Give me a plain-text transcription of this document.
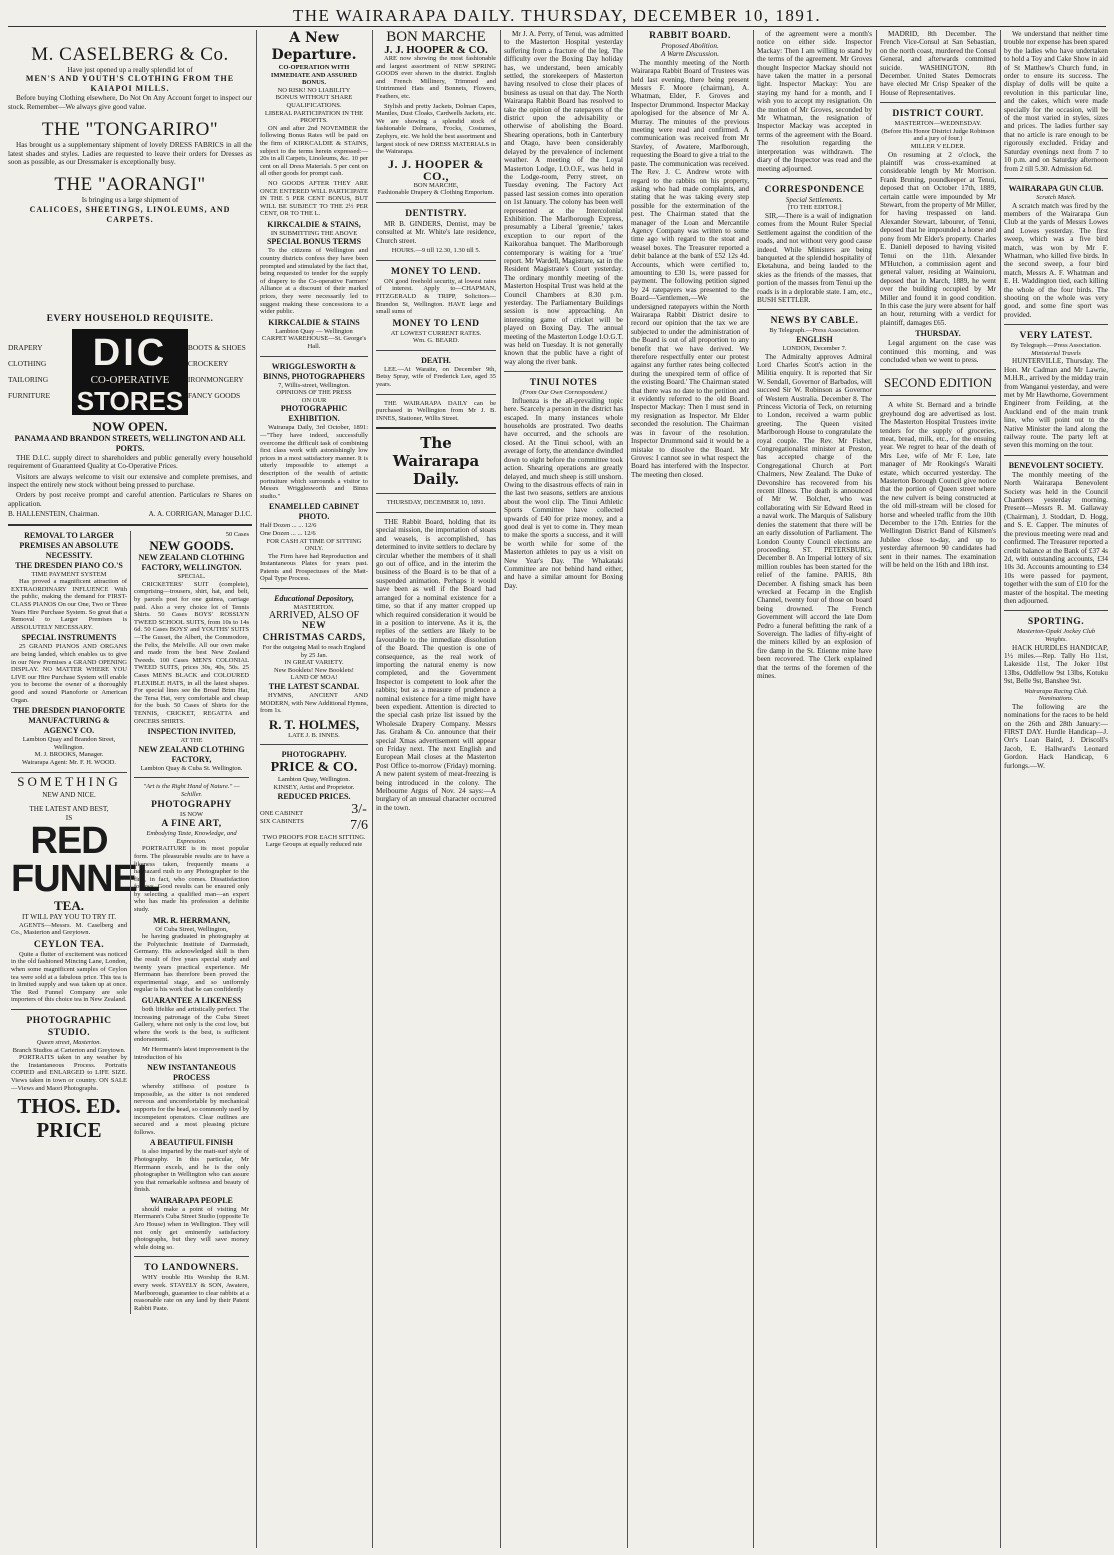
THE WAIRARAPA DAILY. THURSDAY, DECEMBER 10, 1891.
M. CASELBERG & Co.
Have just opened up a really splendid lot of
MEN'S AND YOUTH'S CLOTHING FROM THE KAIAPOI MILLS.

Before buying Clothing elsewhere, Do Not On Any Account forget to inspect our stock. Remember—We always give good value.

THE "TONGARIRO"

Has brought us a supplementary shipment of lovely DRESS FABRICS in all the latest shades and styles. Ladies are requested to leave their orders for Dresses as soon as possible, as our Dressmaker is exceptionally busy.

THE "AORANGI"
Is bringing us a large shipment of
CALICOES, SHEETINGS, LINOLEUMS, AND CARPETS.
EVERY HOUSEHOLD REQUISITE.
DRAPERY
CLOTHING
TAILORING
FURNITURE
DIC
CO-OPERATIVE
STORES
BOOTS & SHOES
CROCKERY
IRONMONGERY
FANCY GOODS
NOW OPEN.
PANAMA AND BRANDON STREETS, WELLINGTON AND ALL PORTS.

THE D.I.C. supply direct to shareholders and public generally every household requirement of Guaranteed Quality at Co-Operative Prices.

Visitors are always welcome to visit our extensive and complete premises, and inspect the entirely new stock without being pressed to purchase.

Orders by post receive prompt and careful attention. Particulars re Shares on application.

B. HALLENSTEIN, Chairman.	A. A. CORRIGAN, Manager D.I.C.
REMOVAL TO LARGER PREMISES AN ABSOLUTE NECESSITY.
THE DRESDEN PIANO CO.'S
TIME PAYMENT SYSTEM

Has proved a magnificent attraction of EXTRAORDINARY INFLUENCE With the public, making the demand for FIRST-CLASS PIANOS On our One, Two or Three Years Hire Purchase System. So great that a Removal to Larger Premises is ABSOLUTELY NECESSARY.

SPECIAL INSTRUMENTS

25 GRAND PIANOS AND ORGANS are being landed, which enables us to give in our New Premises a GRAND OPENING DISPLAY. NO MATTER WHERE YOU LIVE our Hire Purchase System will enable you to become the owner of a thoroughly good and sound Pianoforte or American Organ.

THE DRESDEN PIANOFORTE MANUFACTURING & AGENCY CO.
Lambton Quay and Brandon Street, Wellington.
M. J. BROOKS, Manager.
Wairarapa Agent: Mr. F. H. WOOD.
SOMETHING
NEW AND NICE.
THE LATEST AND BEST,
IS
RED FUNNEL
TEA.
IT WILL PAY YOU TO TRY IT.

AGENTS—Messrs. M. Caselberg and Co., Masterton and Greytown.

CEYLON TEA.

Quite a flutter of excitement was noticed in the old fashioned Mincing Lane, London, when some magnificent samples of Ceylon tea were sold at a fabulous price. This tea is in limited supply and was taken up at once. The Red Funnel Company are sole importers of this choice tea in New Zealand.

PHOTOGRAPHIC STUDIO.
Queen street, Masterton.
Branch Studios at Carterton and Greytown.

PORTRAITS taken in any weather by the Instantaneous Process. Portraits COPIED and ENLARGED to LIFE SIZE. Views taken in town or country. ON SALE—Views and Maori Photographs.

THOS. ED. PRICE
50 Cases
NEW GOODS.
NEW ZEALAND CLOTHING FACTORY, WELLINGTON.
SPECIAL.

CRICKETERS' SUIT (complete), comprising—trousers, shirt, hat, and belt, by parcels post for one guinea, carriage paid. Also a very choice lot of Tennis Shirts. 50 Cases BOYS' ROSSLYN TWEED SCHOOL SUITS, from 10s to 14s 6d. 50 Cases BOYS' and YOUTHS' SUITS—The Gusset, the Albert, the Commodore, the Felix, the Melville. All our own make and made from the best New Zealand Tweeds. 100 Cases MEN'S COLONIAL TWEED SUITS, prices 30s, 40s, 50s. 25 Cases MEN'S BLACK and COLOURED FLEXIBLE HATS, in all the latest shapes. For special lines see the Broad Brim Hat, the Tersa Hat, very comfortable and cheap for the bush. 50 Cases of Shirts for the TENNIS, CRICKET, REGATTA and ONCERS SHIRTS.

INSPECTION INVITED,
AT THE
NEW ZEALAND CLOTHING FACTORY,
Lambton Quay & Cuba St. Wellington.
"Art is the Right Hand of Nature." —Schiller.
PHOTOGRAPHY
IS NOW
A FINE ART,
Embodying Taste, Knowledge, and Expression.

PORTRAITURE is its most popular form. The pleasurable results are to have a likeness taken, frequently means a haphazard rush to any Photographer to the first, in fact, who comes. Dissatisfaction follows. Good results can be ensured only by selecting a qualified man—an expert who has made his profession a definite study.

MR. R. HERRMANN,
Of Cuba Street, Wellington,

he having graduated in photography at the Polytechnic Institute of Darmstadt, Germany. His acknowledged skill is then the result of five years special study and twenty years practical experience. Mr Herrmann has therefore been proved the experimental stage, and so uniformly regular is his work that he can confidently

GUARANTEE A LIKENESS

both lifelike and artistically perfect. The increasing patronage of the Cuba Street Gallery, where not only is the cost low, but where the work is the best, is sufficient endorsement.

Mr Herrmann's latest improvement is the introduction of his

NEW INSTANTANEOUS PROCESS

whereby stiffness of posture is impossible, as the sitter is not rendered nervous and uncomfortable by mechanical supports for the head, so commonly used by incompetent operators. Clear outlines are secured and a most pleasing picture follows.

A BEAUTIFUL FINISH

is also imparted by the matt-surf style of Photography. In this particular, Mr Herrmann excels, and he is the only photographer in Wellington who can assure you that remarkable softness and beauty of finish.

WAIRARAPA PEOPLE

should make a point of visiting Mr Herrmann's Cuba Street Studio (opposite Te Aro House) when in Wellington. They will not only get eminently satisfactory photographs, but they will save money while doing so.

TO LANDOWNERS.

WHY trouble His Worship the R.M. every week. STAYELY & SON, Awatere, Marlborough, guarantee to clear rabbits at a reasonable rate on any land by their Patent Rabbit Paste.

A New Departure.
CO-OPERATION WITH IMMEDIATE AND ASSURED BONUS.
NO RISK! NO LIABILITY
BONUS WITHOUT SHARE QUALIFICATIONS.
LIBERAL PARTICIPATION IN THE PROFITS.

ON and after 2nd NOVEMBER the following Bonus Rates will be paid on the firm of KIRKCALDIE & STAINS, subject to the terms herein expressed:— 20s in all Carpets, Linoleums, &c. 10 per cent on all Dress Materials. 5 per cent on all other goods for prompt cash.

NO GOODS AFTER THEY ARE ONCE ENTERED WILL PARTICIPATE IN THE 5 PER CENT BONUS, BUT WILL BE SUBJECT TO THE 2½ PER CENT, OR TO THE L.

KIRKCALDIE & STAINS,
IN SUBMITTING THE ABOVE
SPECIAL BONUS TERMS

To the citizens of Wellington and country districts confess they have been prompted and stimulated by the fact that, being requested to tender for the supply of drapery to the Co-operative Farmers' Alliance at a discount of their marked prices, they were necessarily led to suggest making these concessions to a wider public.

KIRKCALDIE & STAINS
Lambton Quay — Wellington
CARPET WAREHOUSE—St. George's Hall.
WRIGGLESWORTH & BINNS, PHOTOGRAPHERS
7, Willis-street, Wellington.
OPINIONS OF THE PRESS
ON OUR
PHOTOGRAPHIC EXHIBITION.

Wairarapa Daily, 3rd October, 1891:—"They have indeed, successfully overcome the difficult task of combining first class work with astonishingly low prices in a most satisfactory manner. It is utterly impossible to attempt a description of the wealth of artistic portraiture which surrounds a visitor to Messrs Wrigglesworth and Binns studio."

ENAMELLED CABINET PHOTO.
Half Dozen ... ... 12/6
One Dozen ... ... 12/6
FOR CASH AT TIME OF SITTING ONLY.

The Firm have had Reproduction and Instantaneous Plates for years past. Patents and Prospectuses of the Matt-Opal Type Process.

Educational Depository,
MASTERTON.
ARRIVED, ALSO OF
NEW
CHRISTMAS CARDS,
For the outgoing Mail to reach England by 25 Jan.
IN GREAT VARIETY.
New Booklets! New Booklets!
LAND OF MOA!
THE LATEST SCANDAL

HYMNS, ANCIENT AND MODERN, with New Additional Hymns, from 1s.

R. T. HOLMES,
LATE J. B. INNES.
PHOTOGRAPHY.
PRICE & CO.
Lambton Quay, Wellington.
KINSEY, Artist and Proprietor.
REDUCED PRICES.
ONE CABINET
SIX CABINETS
3/-
7/6
TWO PROOFS FOR EACH SITTING.
Large Groups at equally reduced rate
BON MARCHE
J. J. HOOPER & CO.

ARE now showing the most fashionable and largest assortment of NEW SPRING GOODS ever shown in the district. English and French Millinery, Trimmed and Untrimmed Hats and Bonnets, Flowers, Feathers, etc.

Stylish and pretty Jackets, Dolman Capes, Mantles, Dust Cloaks, Cardwells Jackets, etc. We are showing a splendid stock of fashionable Dolmans, Frocks, Costumes, Zephyrs, etc. We hold the best assortment and largest stock of new DRESS MATERIALS in the Wairarapa.

J. J. HOOPER & CO.,
BON MARCHE,
Fashionable Drapery & Clothing Emporium.
DENTISTRY.

MR B. GINDERS, Dentist, may be consulted at Mr. White's late residence, Church street.

HOURS.—9 till 12.30, 1.30 till 5.
MONEY TO LEND.

ON good freehold security, at lowest rates of interest. Apply to—CHAPMAN, FITZGERALD & TRIPP, Solicitors—Brandon St, Wellington. HAVE large and small sums of

MONEY TO LEND
AT LOWEST CURRENT RATES.
Wm. G. BEARD.
DEATH.

LEE.—At Waraite, on December 9th, Betsy Spray, wife of Frederick Lee, aged 35 years.

THE WAIRARAPA DAILY can be purchased in Wellington from Mr J. B. INNES, Stationer, Willis Street.

The Wairarapa Daily.
THURSDAY, DECEMBER 10, 1891.

THE Rabbit Board, holding that its special mission, the importation of stoats and weasels, is accomplished, has determined to invite settlers to declare by circular whether the members of it shall go out of office, and in the interim the business of the Board is to be that of a suspended animation. Perhaps it would have been as well if the Board had arranged for a nominal existence for a time, so that if any matter cropped up which required consideration it would be in a position to intervene. As it is, the replies of the settlers are likely to be favourable to the immediate dissolution of the Board. The question is one of consequence, as the real work of importing the natural enemy is now completed, and the Government Inspector is competent to look after the rabbits; but as a measure of prudence a nominal existence for a time might have been expedient. Attention is directed to the special cash prize list issued by the Wholesale Drapery Company. Messrs Jas. Graham & Co. announce that their special Xmas advertisement will appear on Friday next. The next English and European Mail closes at the Masterton Post Office to-morrow (Friday) morning. A new patent system of meat-freezing is being introduced in the colony. The Melbourne Argus of Nov. 24 says:—A burglary of an unusual character occurred in the town.

Mr J. A. Perry, of Tenui, was admitted to the Masterton Hospital yesterday suffering from a fracture of the leg. The difficulty over the Boxing Day holiday has, we understand, been amicably settled, the storekeepers of Masterton having resolved to close their places of business as usual on that day. The North Wairarapa Rabbit Board has resolved to take the opinion of the ratepayers of the district upon the advisability or otherwise of abolishing the Board. Shearing operations, both in Canterbury and Otago, have been considerably delayed by the prevalence of inclement weather. A meeting of the Loyal Masterton Lodge, I.O.O.F., was held in the Lodge-room, Perry street, on Tuesday evening. The Factory Act passed last session comes into operation on 1st January. The colony has been well represented at the Intercolonial Exhibition. The Marlborough Express, presumably a Liberal 'greenie,' takes exception to our report of the Kaikorahua banquet. The Marlborough contemporary is waiting for a 'true' report. Mr Wardell, Magistrate, sat in the Resident Magistrate's Court yesterday. The ordinary monthly meeting of the Masterton Hospital Trust was held at the Council Chambers at 8.30 p.m. yesterday. The Parliamentary Buildings session is now approaching. An interesting game of cricket will be played on Boxing Day. The annual meeting of the Masterton Lodge I.O.G.T. was held on Tuesday. It is not generally known that the public have a right of way along the river bank.

TINUI NOTES
(From Our Own Correspondent.)

Influenza is the all-prevailing topic here. Scarcely a person in the district has escaped. In many instances whole households are prostrated. Two deaths have occurred, and the schools are closed. At the Tinui school, with an average of forty, the attendance dwindled down to eight before the committee took action. Shearing operations are greatly delayed, and much sheep is still unshorn. Owing to the disastrous effects of rain in the last two seasons, settlers are anxious about the wool clip. The Tinui Athletic Sports Committee have collected upwards of £40 for prize money, and a good deal is yet to come in. They mean to make the sports a success, and it will be worth while for some of the Masterton athletes to pay us a visit on New Year's Day. The Whakataki Committee are not behind hand either, and have a similar amount for Boxing Day.

RABBIT BOARD.
Proposed Abolition.
A Warm Discussion.

The monthly meeting of the North Wairarapa Rabbit Board of Trustees was held last evening, there being present Messrs F. Moore (chairman), A. Whatman, Elder, F. Groves and Inspector Drummond. Inspector Mackay apologised for the absence of Mr A. Murray. The minutes of the previous meeting were read and confirmed. A communication was received from Mr Stavley, of Awatere, Marlborough, requesting the Board to give a trial to the paste. The communication was received. The Rev. J. C. Andrew wrote with regard to the rabbits on his property, asking who had made complaints, and stating that he was taking every step possible for the extermination of the pest. The Chairman stated that the manager of the Loan and Mercantile Agency Company was written to some time ago with regard to the stoat and weasel boxes. The Treasurer reported a debit balance at the bank of £52 12s 4d. Accounts, which were certified to, amounting to £30 1s, were passed for payment. The following petition signed by 24 ratepayers was presented to the Board—'Gentlemen,—We the undersigned ratepayers within the North Wairarapa Rabbit District desire to record our opinion that the tax we are subjected to under the administration of the Board is out of all proportion to any benefit that we have derived. We therefore respectfully enter our protest against any further rates being collected during the unexpired term of office of the existing Board.' The Chairman stated that there was no date to the petition and it evidently referred to the old Board. Inspector Mackay: Then I must send in my resignation as Inspector. Mr Elder seconded the resolution. The Chairman was in favour of the resolution. Inspector Drummond said it would be a mistake to dissolve the Board. Mr Groves: I cannot see in what respect the Board has interfered with the Inspector. The meeting then closed.

of the agreement were a month's notice on either side. Inspector Mackay: Then I am willing to stand by the terms of the agreement. Mr Groves thought Inspector Mackay should not have taken the matter in a personal light. Inspector Mackay: You are staying my hand for a month, and I wish you to accept my resignation. On the motion of Mr Groves, seconded by Mr Whatman, the resignation of Inspector Mackay was accepted in terms of the agreement with the Board. The resolution regarding the interpretation was withdrawn. The diary of the Inspector was read and the meeting adjourned.

CORRESPONDENCE
Special Settlements.
[TO THE EDITOR.]

SIR,—There is a wail of indignation comes from the Mount Ruler Special Settlement against the condition of the roads, and not without very good cause indeed. While Ministers are being banqueted at the splendid hospitality of Eketahuna, and being lauded to the skies as the friends of the masses, that portion of the masses from Tenui up the roads is in a deplorable state. I am, etc., BUSH SETTLER.

NEWS BY CABLE.
By Telegraph.—Press Association.
ENGLISH
LONDON, December 7.

The Admiralty approves Admiral Lord Charles Scott's action in the Militia enquiry. It is reported that Sir W. Sendall, Governor of Barbados, will succeed Sir W. Robinson as Governor of Western Australia. December 8. The Princess Victoria of Teck, on returning to London, received a warm public greeting. The Queen visited Marlborough House to congratulate the royal couple. The Rev. Mr Fisher, Congregationalist minister at Preston, has accepted charge of the Congregational Church at Port Chalmers, New Zealand. The Duke of Devonshire has recovered from his recent illness. The death is announced of Mr W. Bolcher, who was collaborating with Sir Edward Reed in a naval work. The Marquis of Salisbury denies the statement that there will be an early dissolution of Parliament. The London County Council elections are proceeding. ST. PETERSBURG, December 8. An Imperial lottery of six million roubles has been started for the relief of the famine. PARIS, 8th December. A fishing smack has been wrecked at Fecamp in the English Channel, twenty four of those on board being drowned. The French Government will accord the late Dom Pedro a funeral befitting the rank of a Sovereign. The ladies of fifty-eight of the miners killed by an explosion of fire damp in the St. Etienne mine have been recovered. The Clerk explained that the terms of the foremen of the mines.

MADRID, 8th December. The French Vice-Consul at San Sebastian, on the north coast, murdered the Consul General, and afterwards committed suicide. WASHINGTON, 8th December. United States Democrats have elected Mr Crisp Speaker of the House of Representatives.

DISTRICT COURT.
MASTERTON—WEDNESDAY.
(Before His Honor District Judge Robinson and a jury of four.)
MILLER V ELDER.

On resuming at 2 o'clock, the plaintiff was cross-examined at considerable length by Mr Morrison. Frank Bruning, poundkeeper at Tenui, deposed that on October 17th, 1889, certain cattle were impounded by Mr Stewart, from the property of Mr Miller, for having trespassed on land. Alexander Stewart, labourer, of Tenui, deposed that he impounded a horse and pony from Mr Elder's property. Charles E. Daniell deposed to having visited Tenui on the 11th. Alexander M'Hutchon, a commission agent and general valuer, residing at Wainuioru, deposed that in March, 1889, he went over the building occupied by Mr Miller and found it in good condition. In this case the jury were absent for half an hour, returning with a verdict for plaintiff, damages £65.

THURSDAY.

Legal argument on the case was continued this morning, and was concluded when we went to press.

SECOND EDITION

A white St. Bernard and a brindle greyhound dog are advertised as lost. The Masterton Hospital Trustees invite tenders for the supply of groceries, meat, bread, milk, etc., for the ensuing year. We regret to hear of the death of Mrs Lee, wife of Mr F. Lee, late manager of Mr Rookings's Waraiti estate, which occurred yesterday. The Masterton Borough Council give notice that the portion of Queen street where the new culvert is being constructed at the old mill-stream will be closed for horse and wheeled traffic from the 10th December to the 17th. Entries for the Wellington District Band of Kilsmen's Jubilee close to-day, and up to yesterday afternoon 90 candidates had sent in their names. The examination will be held on the 16th and 18th inst.

We understand that neither time trouble nor expense has been spared by the ladies who have undertaken to hold a Toy and Cake Show in aid of St Matthew's Church fund, in order to ensure its success. The display of dolls will be quite a revolution in this particular line, and the cakes, which were made specially for the occasion, will be of the most varied in styles, sizes and prices. The ladies further say that no article is rare enough to be rigorously excluded. Friday and Saturday evenings next from 7 to 10 p.m. and on Saturday afternoon from 2 till 5.30. Admission 6d.

WAIRARAPA GUN CLUB.
Scratch Match.

A scratch match was fired by the members of the Wairarapa Gun Club at the yards of Messrs Lowes and Lowes yesterday. The first sweep, which was a five bird match, was won by Mr F. Whatman, who killed five birds. In the second sweep, a four bird match, Messrs A. F. Whatman and E. H. Waddington tied, each killing the whole of the four birds. The shooting on the whole was very good, and some fine sport was provided.

VERY LATEST.
By Telegraph.—Press Association.
Ministerial Travels

HUNTERVILLE, Thursday. The Hon. Mr Cadman and Mr Lawrie, M.H.R., arrived by the midday train from Wanganui yesterday, and were met by Mr Hawthorne, Government Engineer from Feilding, at the Auckland end of the main trunk line, who will point out to the Native Minister the land along the railway route. The party left at seven this morning on the tour.

BENEVOLENT SOCIETY.

The monthly meeting of the North Wairarapa Benevolent Society was held in the Council Chambers yesterday morning. Present—Messrs R. M. Gallaway (Chairman), J. Stoddart, D. Hogg, and S. E. Capper. The minutes of the previous meeting were read and confirmed. The Treasurer reported a credit balance at the Bank of £37 4s 2d, with outstanding accounts, £34 10s 3d. Accounts amounting to £34 10s were passed for payment, together with the sum of £10 for the master of the hospital. The meeting then adjourned.

SPORTING.
Masterton-Opaki Jockey Club
Weights.

HACK HURDLES HANDICAP, 1½ miles.—Rep. Tally Ho 11st, Lakeside 11st, The Joker 10st 13lbs, Oddfellow 9st 13lbs, Kotuku 9st, Belle 9st, Banshee 9st.

Wairarapa Racing Club.
Nominations.

The following are the nominations for the races to be held on the 26th and 28th January:— FIRST DAY. Hurdle Handicap—J. Orr's Loan Baird, J. Driscoll's Jacob, E. Hallward's Leonard Gordon. Hack Handicap, 6 furlongs.—W.
